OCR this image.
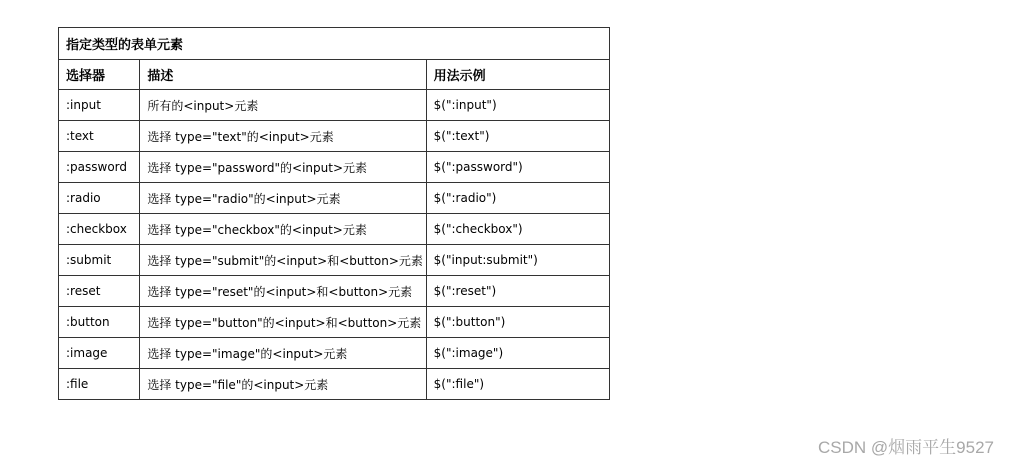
指定类型的表单元素		
选择器	描述	用法示例
:input	所有的<input>元素	$(":input")
:text	选择 type="text"的<input>元素	$(":text")
:password	选择 type="password"的<input>元素	$(":password")
:radio	选择 type="radio"的<input>元素	$(":radio")
:checkbox	选择 type="checkbox"的<input>元素	$(":checkbox")
:submit	选择 type="submit"的<input>和<button>元素	$("input:submit")
:reset	选择 type="reset"的<input>和<button>元素	$(":reset")
:button	选择 type="button"的<input>和<button>元素	$(":button")
:image	选择 type="image"的<input>元素	$(":image")
:file	选择 type="file"的<input>元素	$(":file")
CSDN @烟雨平生9527
